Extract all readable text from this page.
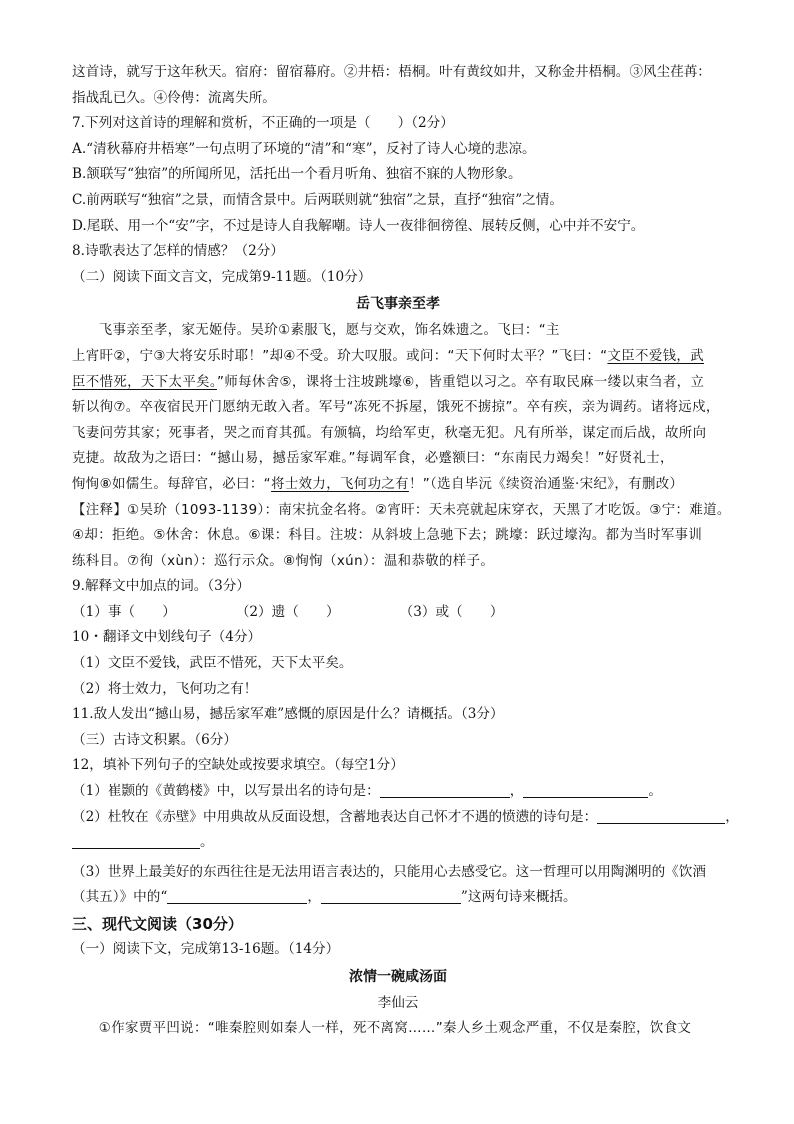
这首诗，就写于这年秋天。宿府：留宿幕府。②井梧：梧桐。叶有黄纹如井，又称金井梧桐。③风尘荏苒：
指战乱已久。④伶俜：流离失所。
7.下列对这首诗的理解和赏析，不正确的一项是（　　）（2分）
A.“清秋幕府井梧寒”一句点明了环境的“清”和“寒”，反衬了诗人心境的悲凉。
B.颔联写“独宿”的所闻所见，活托出一个看月听角、独宿不寐的人物形象。
C.前两联写“独宿”之景，而情含景中。后两联则就“独宿”之景，直抒“独宿”之情。
D.尾联、用一个“安”字，不过是诗人自我解嘲。诗人一夜徘徊徬徨、展转反侧，心中并不安宁。
8.诗歌表达了怎样的情感？（2分）
（二）阅读下面文言文，完成第9-11题。（10分）
岳飞事亲至孝
飞事亲至孝，家无姬侍。吴玠①素服飞，愿与交欢，饰名姝遗之。飞曰：“主
上宵旰②，宁③大将安乐时耶！”却④不受。玠大叹服。或问：“天下何时太平？”飞曰：“文臣不爱钱，武
臣不惜死，天下太平矣。”师每休舍⑤，课将士注坡跳壕⑥，皆重铠以习之。卒有取民麻一缕以束刍者，立
斩以徇⑦。卒夜宿民开门愿纳无敢入者。军号“冻死不拆屋，饿死不掳掠”。卒有疾，亲为调药。诸将远戍，
飞妻问劳其家；死事者，哭之而育其孤。有颁犒，均给军吏，秋毫无犯。凡有所举，谋定而后战，故所向
克捷。故敌为之语曰：“撼山易，撼岳家军难。”每调军食，必蹙额曰：“东南民力竭矣！”好贤礼士，
恂恂⑧如儒生。每辞官，必曰：“将士效力，飞何功之有！”（选自毕沅《续资治通鉴·宋纪》，有删改）
【注释】①吴玠（1093-1139）：南宋抗金名将。②宵旰：天未亮就起床穿衣，天黑了才吃饭。③宁：难道。
④却：拒绝。⑤休舍：休息。⑥课：科目。注坡：从斜坡上急驰下去；跳壕：跃过壕沟。都为当时军事训
练科目。⑦徇（xùn）：巡行示众。⑧恂恂（xún）：温和恭敬的样子。
9.解释文中加点的词。（3分）
（1）事（　　）	（2）遗（　　）	（3）或（　　）
10・翻译文中划线句子（4分）
（1）文臣不爱钱，武臣不惜死，天下太平矣。
（2）将士效力，飞何功之有！
11.敌人发出“撼山易，撼岳家军难”感慨的原因是什么？请概括。（3分）
（三）古诗文积累。（6分）
12，填补下列句子的空缺处或按要求填空。（每空1分）
（1）崔颢的《黄鹤楼》中，以写景出名的诗句是：	，	。
（2）杜牧在《赤壁》中用典故从反面设想，含蓄地表达自己怀才不遇的愤懑的诗句是：	，
。
（3）世界上最美好的东西往往是无法用语言表达的，只能用心去感受它。这一哲理可以用陶渊明的《饮酒
（其五）》中的“	，	”这两句诗来概括。
三、现代文阅读（30分）
（一）阅读下文，完成第13-16题。（14分）
浓情一碗咸汤面
李仙云
①作家贾平凹说：“唯秦腔则如秦人一样，死不离窝……”秦人乡土观念严重，不仅是秦腔，饮食文
